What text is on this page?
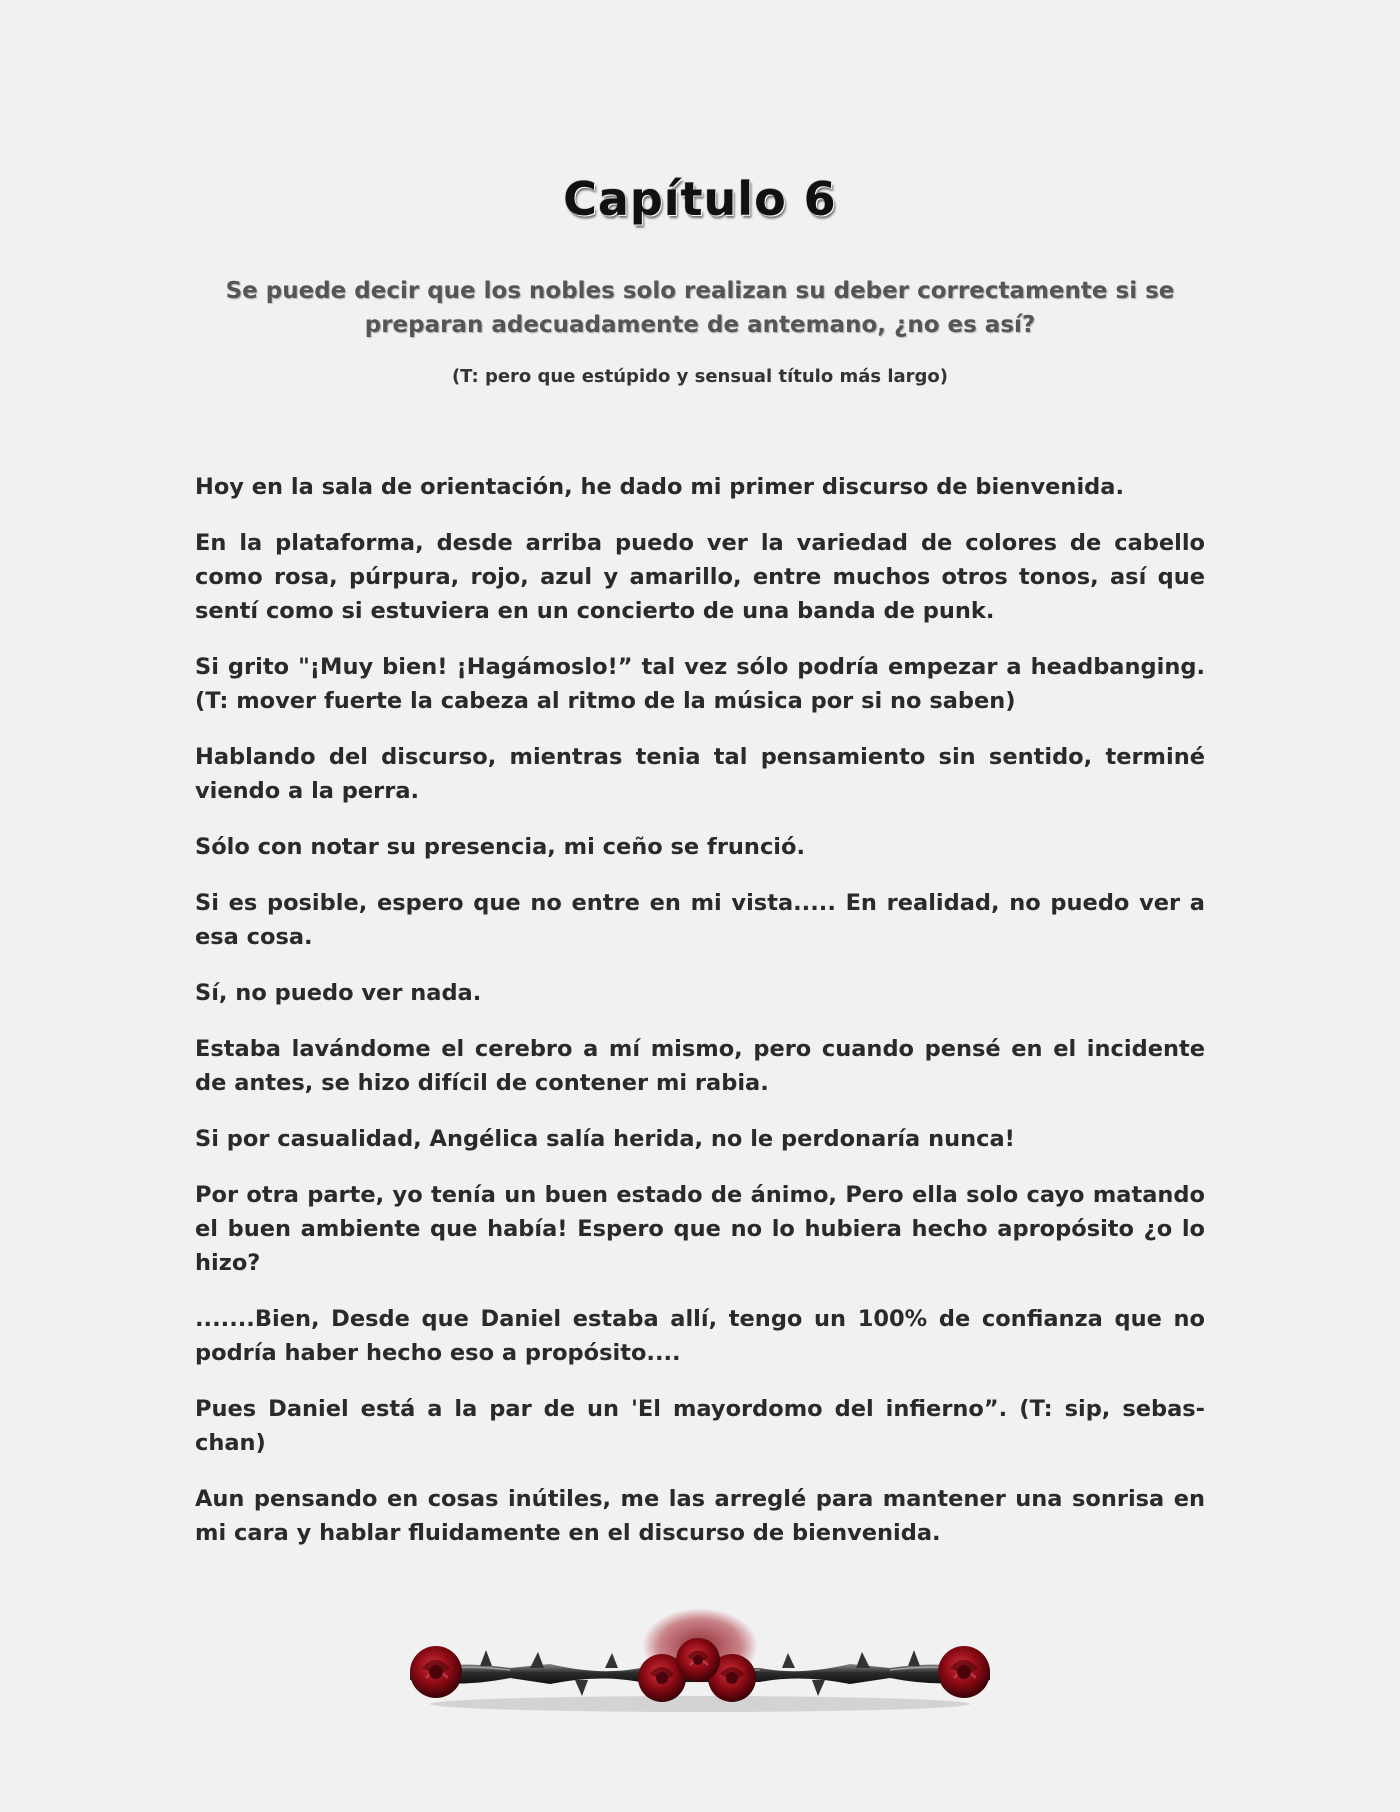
Capítulo 6
Se puede decir que los nobles solo realizan su deber correctamente si se preparan adecuadamente de antemano, ¿no es así?
(T: pero que estúpido y sensual título más largo)

Hoy en la sala de orientación, he dado mi primer discurso de bienvenida.

En la plataforma, desde arriba puedo ver la variedad de colores de cabello como rosa, púrpura, rojo, azul y amarillo, entre muchos otros tonos, así que sentí como si estuviera en un concierto de una banda de punk.

Si grito "¡Muy bien! ¡Hagámoslo!” tal vez sólo podría empezar a headbanging.(T: mover fuerte la cabeza al ritmo de la música por si no saben)

Hablando del discurso, mientras tenia tal pensamiento sin sentido, terminé viendo a la perra.

Sólo con notar su presencia, mi ceño se frunció.

Si es posible, espero que no entre en mi vista..... En realidad, no puedo ver a esa cosa.

Sí, no puedo ver nada.

Estaba lavándome el cerebro a mí mismo, pero cuando pensé en el incidente de antes, se hizo difícil de contener mi rabia.

Si por casualidad, Angélica salía herida, no le perdonaría nunca!

Por otra parte, yo tenía un buen estado de ánimo, Pero ella solo cayo matando el buen ambiente que había! Espero que no lo hubiera hecho apropósito ¿o lo hizo?

.......Bien, Desde que Daniel estaba allí, tengo un 100% de confianza que no podría haber hecho eso a propósito....

Pues Daniel está a la par de un 'El mayordomo del infierno”. (T: sip, sebas-chan)

Aun pensando en cosas inútiles, me las arreglé para mantener una sonrisa en mi cara y hablar fluidamente en el discurso de bienvenida.
